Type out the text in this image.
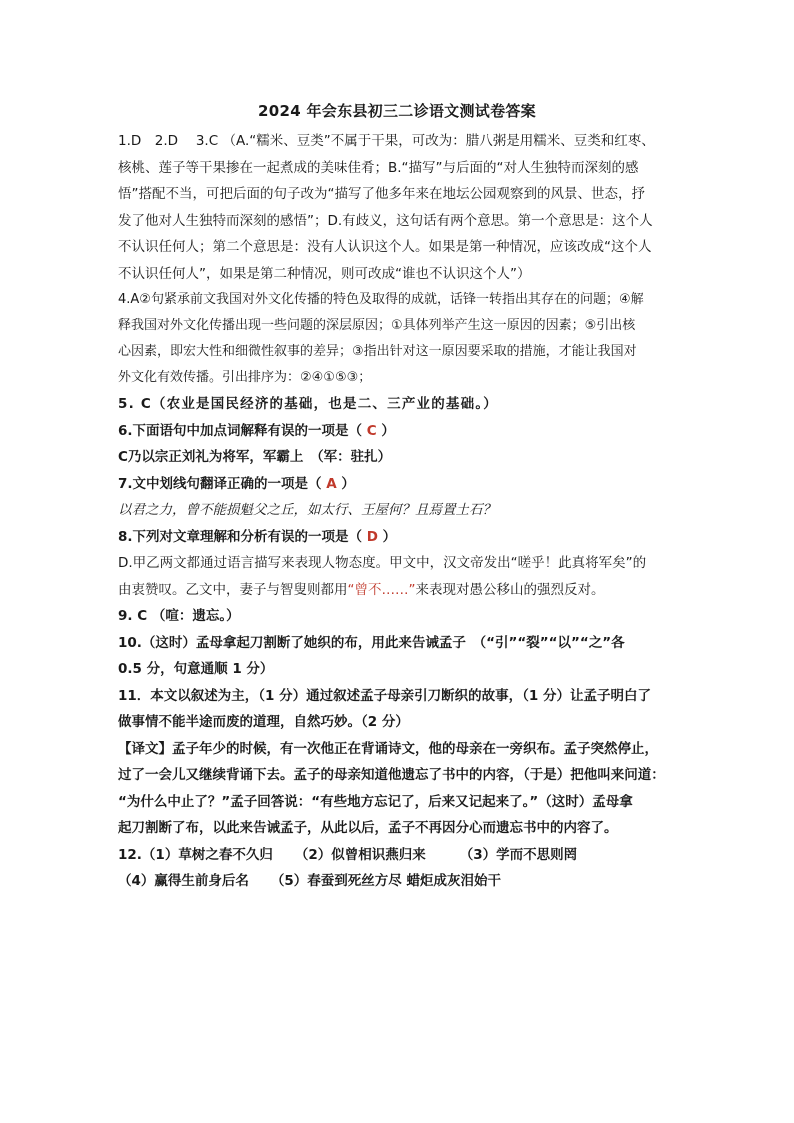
2024 年会东县初三二诊语文测试卷答案

1.D　2.D　 3.C （A.“糯米、豆类”不属于干果，可改为：腊八粥是用糯米、豆类和红枣、

核桃、莲子等干果掺在一起煮成的美味佳肴；B.“描写”与后面的“对人生独特而深刻的感

悟”搭配不当，可把后面的句子改为“描写了他多年来在地坛公园观察到的风景、世态，抒

发了他对人生独特而深刻的感悟”；D.有歧义，这句话有两个意思。第一个意思是：这个人

不认识任何人；第二个意思是：没有人认识这个人。如果是第一种情况，应该改成“这个人

不认识任何人”，如果是第二种情况，则可改成“谁也不认识这个人”）

4.A②句紧承前文我国对外文化传播的特色及取得的成就，话锋一转指出其存在的问题；④解

释我国对外文化传播出现一些问题的深层原因；①具体列举产生这一原因的因素；⑤引出核

心因素，即宏大性和细微性叙事的差异；③指出针对这一原因要采取的措施，才能让我国对

外文化有效传播。引出排序为：②④①⑤③；

5. C（农业是国民经济的基础，也是二、三产业的基础。）

6.下面语句中加点词解释有误的一项是（ C ）

C乃以宗正刘礼为将军，军霸上　（军：驻扎）

7.文中划线句翻译正确的一项是（ A ）

以君之力，曾不能损魁父之丘，如太行、王屋何？且焉置土石？

8.下列对文章理解和分析有误的一项是（ D ）

D.甲乙两文都通过语言描写来表现人物态度。甲文中，汉文帝发出“嗟乎！此真将军矣”的

由衷赞叹。乙文中，妻子与智叟则都用“曾不……”来表现对愚公移山的强烈反对。

9. C （喧：遗忘。）

10.（这时）孟母拿起刀割断了她织的布，用此来告诫孟子　（“引”“裂”“以”“之”各

0.5 分，句意通顺 1 分）

11．本文以叙述为主，（1 分）通过叙述孟子母亲引刀断织的故事，（1 分）让孟子明白了

做事情不能半途而废的道理，自然巧妙。（2 分）

【译文】孟子年少的时候，有一次他正在背诵诗文，他的母亲在一旁织布。孟子突然停止，

过了一会儿又继续背诵下去。孟子的母亲知道他遗忘了书中的内容，（于是）把他叫来问道：

“为什么中止了？”孟子回答说：“有些地方忘记了，后来又记起来了。”（这时）孟母拿

起刀割断了布，以此来告诫孟子，从此以后，孟子不再因分心而遗忘书中的内容了。

12.（1）草树之春不久归 （2）似曾相识燕归来	（3）学而不思则罔

（4）赢得生前身后名 （5）春蚕到死丝方尽 蜡炬成灰泪始干
